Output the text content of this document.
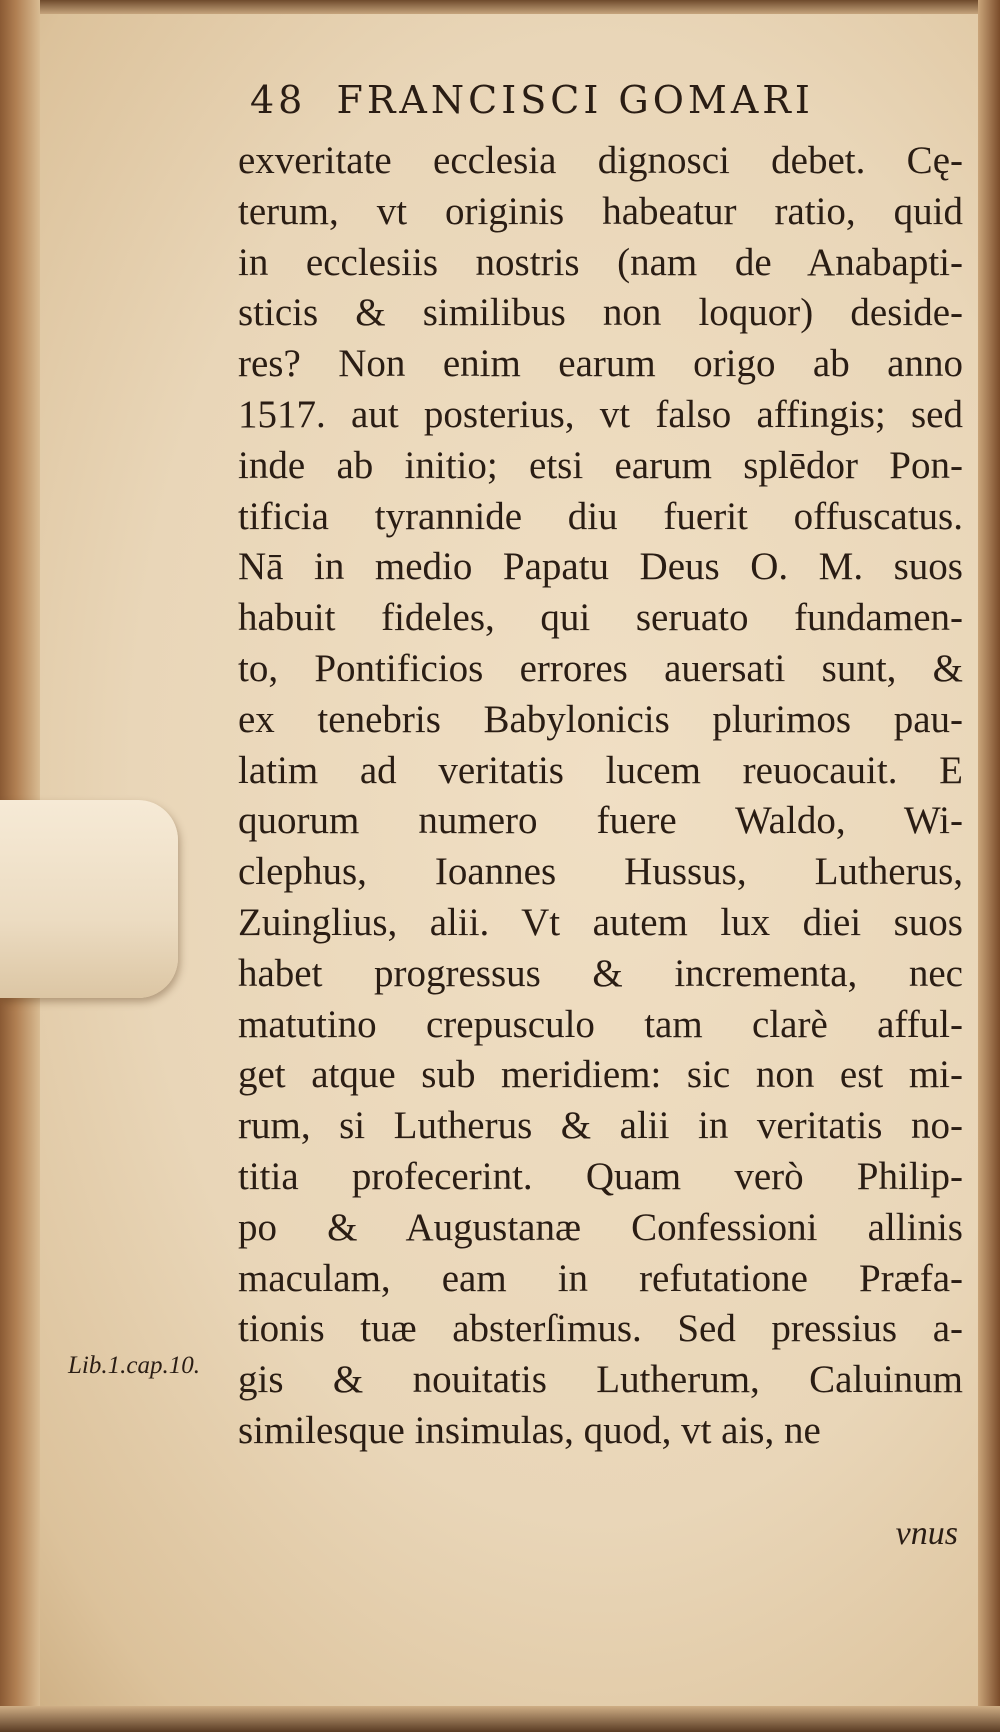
48 FRANCISCI GOMARI
exveritate ecclesia dignosci debet. Cę-
terum, vt originis habeatur ratio, quid
in ecclesiis nostris (nam de Anabapti-
sticis & similibus non loquor) deside-
res? Non enim earum origo ab anno
1517. aut posterius, vt falso affingis; sed
inde ab initio; etsi earum splēdor Pon-
tificia tyrannide diu fuerit offuscatus.
Nā in medio Papatu Deus O. M. suos
habuit fideles, qui seruato fundamen-
to, Pontificios errores auersati sunt, &
ex tenebris Babylonicis plurimos pau-
latim ad veritatis lucem reuocauit. E
quorum numero fuere Waldo, Wi-
clephus, Ioannes Hussus, Lutherus,
Zuinglius, alii. Vt autem lux diei suos
habet progressus & incrementa, nec
matutino crepusculo tam clarè afful-
get atque sub meridiem: sic non est mi-
rum, si Lutherus & alii in veritatis no-
titia profecerint. Quam verò Philip-
po & Augustanæ Confessioni allinis
maculam, eam in refutatione Præfa-
tionis tuæ absterſimus. Sed pressius a-
gis & nouitatis Lutherum, Caluinum
similesque insimulas, quod, vt ais, ne
Lib.1.cap.10.
vnus
